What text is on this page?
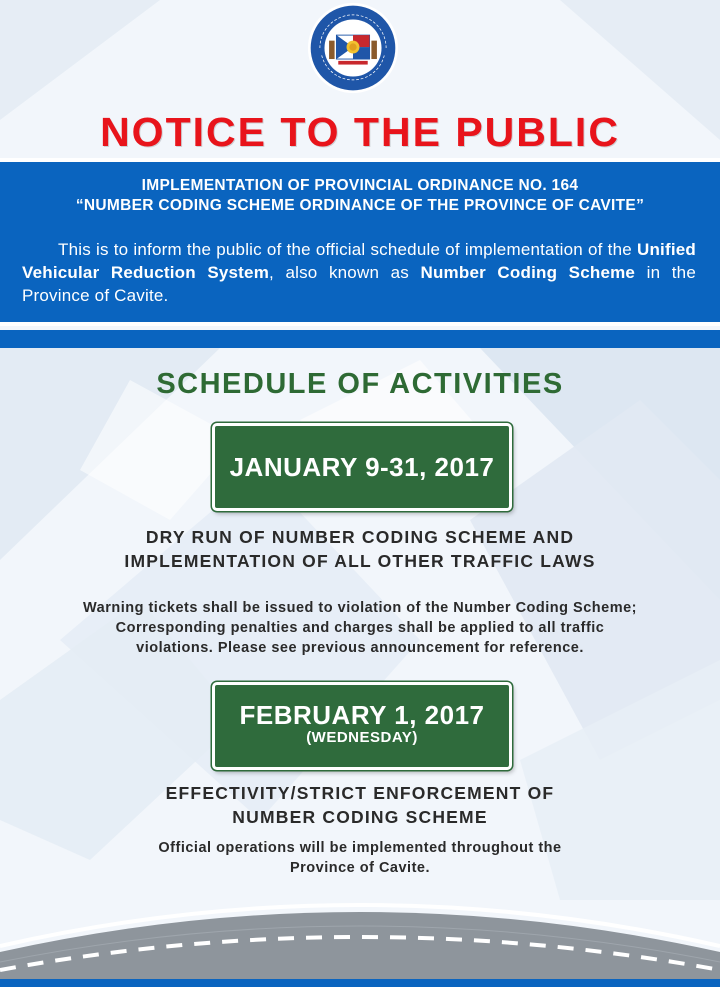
NOTICE TO THE PUBLIC
IMPLEMENTATION OF PROVINCIAL ORDINANCE NO. 164
“NUMBER CODING SCHEME ORDINANCE OF THE PROVINCE OF CAVITE”
This is to inform the public of the official schedule of implementation of the Unified Vehicular Reduction System, also known as Number Coding Scheme in the Province of Cavite.
SCHEDULE OF ACTIVITIES
JANUARY 9-31, 2017
DRY RUN OF NUMBER CODING SCHEME AND
IMPLEMENTATION OF ALL OTHER TRAFFIC LAWS
Warning tickets shall be issued to violation of the Number Coding Scheme;
Corresponding penalties and charges shall be applied to all traffic
violations. Please see previous announcement for reference.
FEBRUARY 1, 2017
(WEDNESDAY)
EFFECTIVITY/STRICT ENFORCEMENT OF
NUMBER CODING SCHEME
Official operations will be implemented throughout the
Province of Cavite.
